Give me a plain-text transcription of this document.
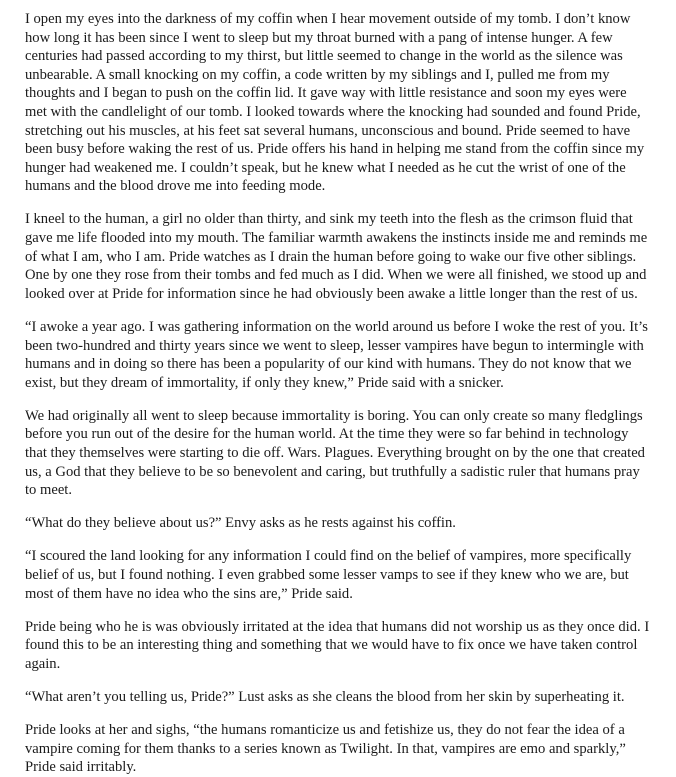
I open my eyes into the darkness of my coffin when I hear movement outside of my tomb. I don’t know how long it has been since I went to sleep but my throat burned with a pang of intense hunger. A few centuries had passed according to my thirst, but little seemed to change in the world as the silence was unbearable. A small knocking on my coffin, a code written by my siblings and I, pulled me from my thoughts and I began to push on the coffin lid. It gave way with little resistance and soon my eyes were met with the candlelight of our tomb. I looked towards where the knocking had sounded and found Pride, stretching out his muscles, at his feet sat several humans, unconscious and bound. Pride seemed to have been busy before waking the rest of us. Pride offers his hand in helping me stand from the coffin since my hunger had weakened me. I couldn’t speak, but he knew what I needed as he cut the wrist of one of the humans and the blood drove me into feeding mode.

I kneel to the human, a girl no older than thirty, and sink my teeth into the flesh as the crimson fluid that gave me life flooded into my mouth. The familiar warmth awakens the instincts inside me and reminds me of what I am, who I am. Pride watches as I drain the human before going to wake our five other siblings. One by one they rose from their tombs and fed much as I did. When we were all finished, we stood up and looked over at Pride for information since he had obviously been awake a little longer than the rest of us.

“I awoke a year ago. I was gathering information on the world around us before I woke the rest of you. It’s been two-hundred and thirty years since we went to sleep, lesser vampires have begun to intermingle with humans and in doing so there has been a popularity of our kind with humans. They do not know that we exist, but they dream of immortality, if only they knew,” Pride said with a snicker.

We had originally all went to sleep because immortality is boring. You can only create so many fledglings before you run out of the desire for the human world. At the time they were so far behind in technology that they themselves were starting to die off. Wars. Plagues. Everything brought on by the one that created us, a God that they believe to be so benevolent and caring, but truthfully a sadistic ruler that humans pray to meet.

“What do they believe about us?” Envy asks as he rests against his coffin.

“I scoured the land looking for any information I could find on the belief of vampires, more specifically belief of us, but I found nothing. I even grabbed some lesser vamps to see if they knew who we are, but most of them have no idea who the sins are,” Pride said.

Pride being who he is was obviously irritated at the idea that humans did not worship us as they once did. I found this to be an interesting thing and something that we would have to fix once we have taken control again.

“What aren’t you telling us, Pride?” Lust asks as she cleans the blood from her skin by superheating it.

Pride looks at her and sighs, “the humans romanticize us and fetishize us, they do not fear the idea of a vampire coming for them thanks to a series known as Twilight. In that, vampires are emo and sparkly,” Pride said irritably.
